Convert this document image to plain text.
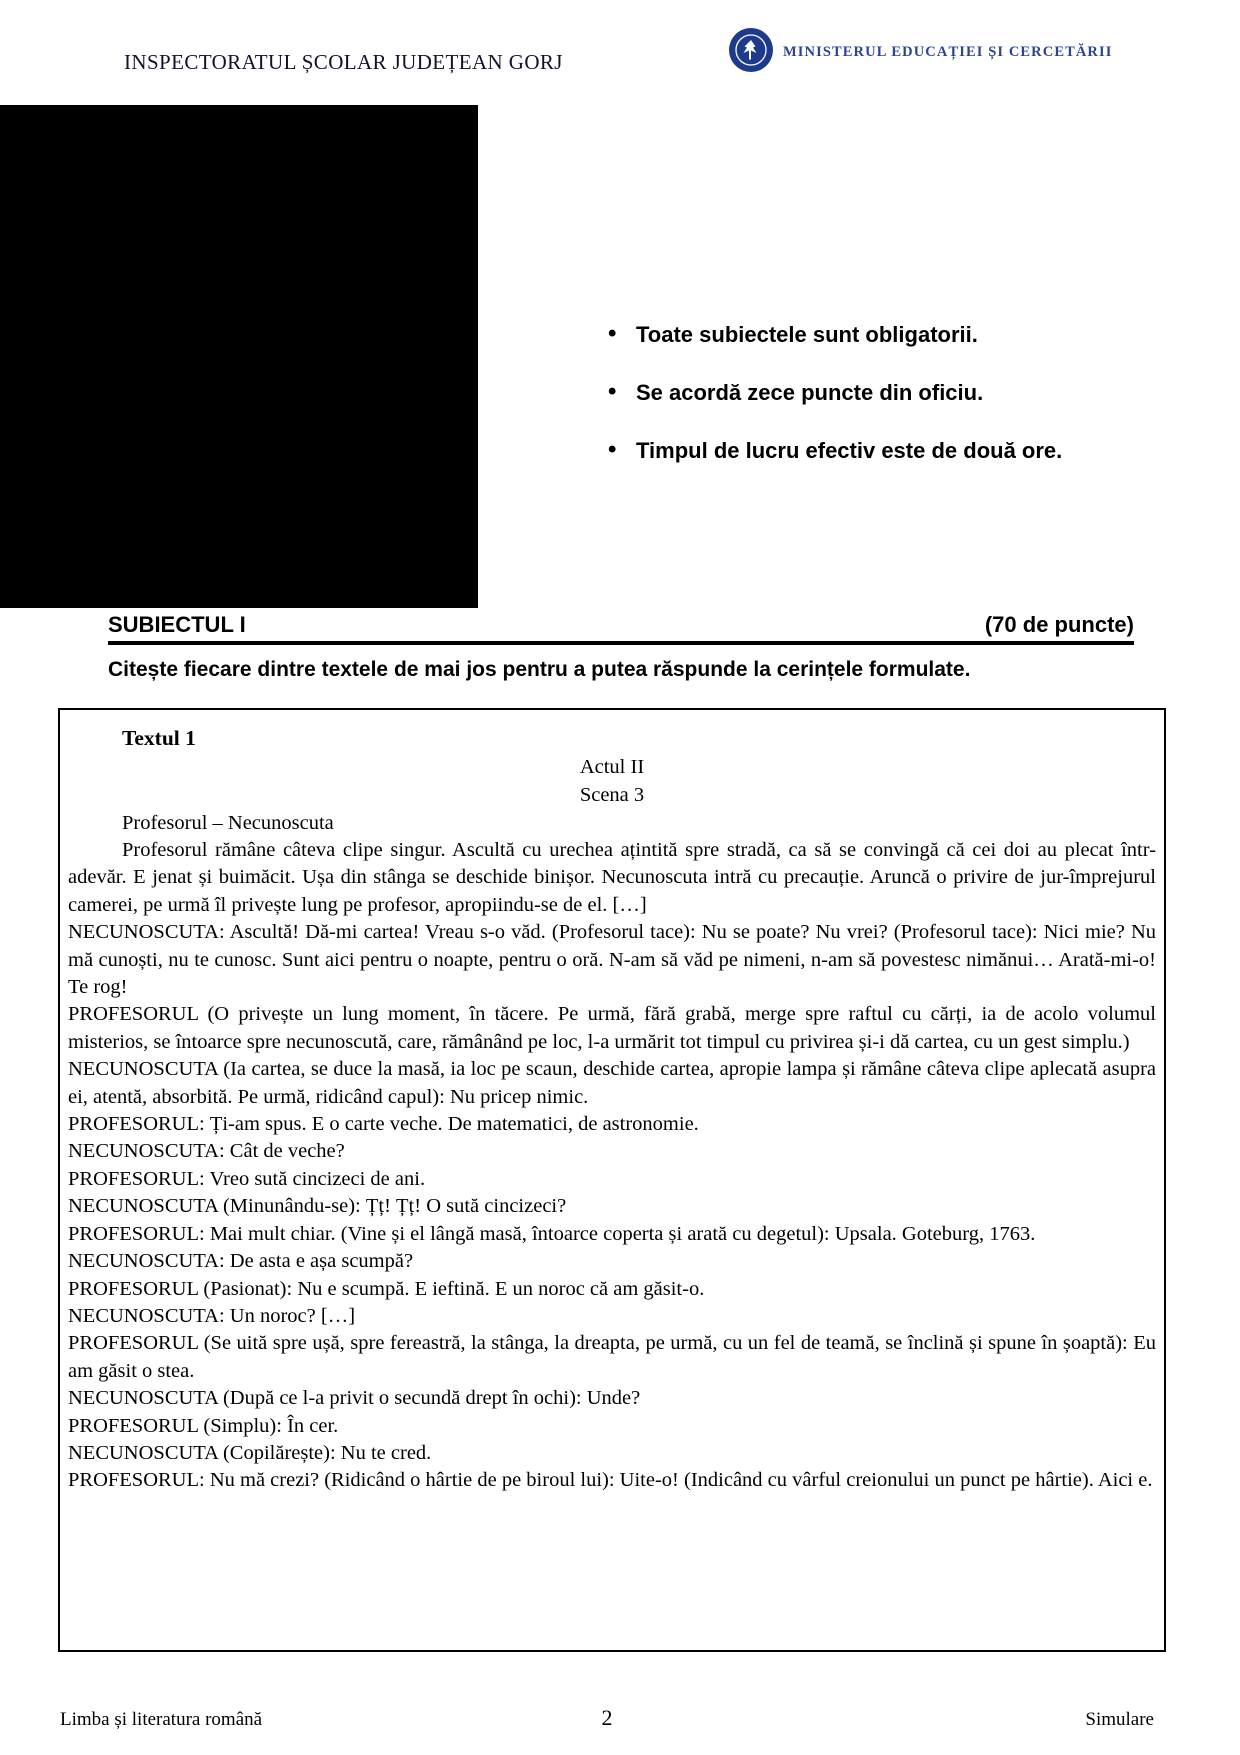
INSPECTORATUL ȘCOLAR JUDEȚEAN GORJ	MINISTERUL EDUCAȚIEI ȘI CERCETĂRII
• Toate subiectele sunt obligatorii.
• Se acordă zece puncte din oficiu.
• Timpul de lucru efectiv este de două ore.
SUBIECTUL I	(70 de puncte)
Citește fiecare dintre textele de mai jos pentru a putea răspunde la cerințele formulate.

Textul 1

Actul II
Scena 3
Profesorul – Necunoscuta

Profesorul rămâne câteva clipe singur. Ascultă cu urechea ațintită spre stradă, ca să se convingă că cei doi au plecat într-adevăr. E jenat și buimăcit. Ușa din stânga se deschide binișor. Necunoscuta intră cu precauție. Aruncă o privire de jur-împrejurul camerei, pe urmă îl privește lung pe profesor, apropiindu-se de el. […]

NECUNOSCUTA: Ascultă! Dă-mi cartea! Vreau s-o văd. (Profesorul tace): Nu se poate? Nu vrei? (Profesorul tace): Nici mie? Nu mă cunoști, nu te cunosc. Sunt aici pentru o noapte, pentru o oră. N-am să văd pe nimeni, n-am să povestesc nimănui… Arată-mi-o! Te rog!

PROFESORUL (O privește un lung moment, în tăcere. Pe urmă, fără grabă, merge spre raftul cu cărți, ia de acolo volumul misterios, se întoarce spre necunoscută, care, rămânând pe loc, l-a urmărit tot timpul cu privirea și-i dă cartea, cu un gest simplu.)

NECUNOSCUTA (Ia cartea, se duce la masă, ia loc pe scaun, deschide cartea, apropie lampa și rămâne câteva clipe aplecată asupra ei, atentă, absorbită. Pe urmă, ridicând capul): Nu pricep nimic.

PROFESORUL: Ți-am spus. E o carte veche. De matematici, de astronomie.

NECUNOSCUTA: Cât de veche?

PROFESORUL: Vreo sută cincizeci de ani.

NECUNOSCUTA (Minunându-se): Țț! Țț! O sută cincizeci?

PROFESORUL: Mai mult chiar. (Vine și el lângă masă, întoarce coperta și arată cu degetul): Upsala. Goteburg, 1763.

NECUNOSCUTA: De asta e așa scumpă?

PROFESORUL (Pasionat): Nu e scumpă. E ieftină. E un noroc că am găsit-o.

NECUNOSCUTA: Un noroc? […]

PROFESORUL (Se uită spre ușă, spre fereastră, la stânga, la dreapta, pe urmă, cu un fel de teamă, se înclină și spune în șoaptă): Eu am găsit o stea.

NECUNOSCUTA (După ce l-a privit o secundă drept în ochi): Unde?

PROFESORUL (Simplu): În cer.

NECUNOSCUTA (Copilărește): Nu te cred.

PROFESORUL: Nu mă crezi? (Ridicând o hârtie de pe biroul lui): Uite-o! (Indicând cu vârful creionului un punct pe hârtie). Aici e.

Limba și literatura română	2	Simulare
